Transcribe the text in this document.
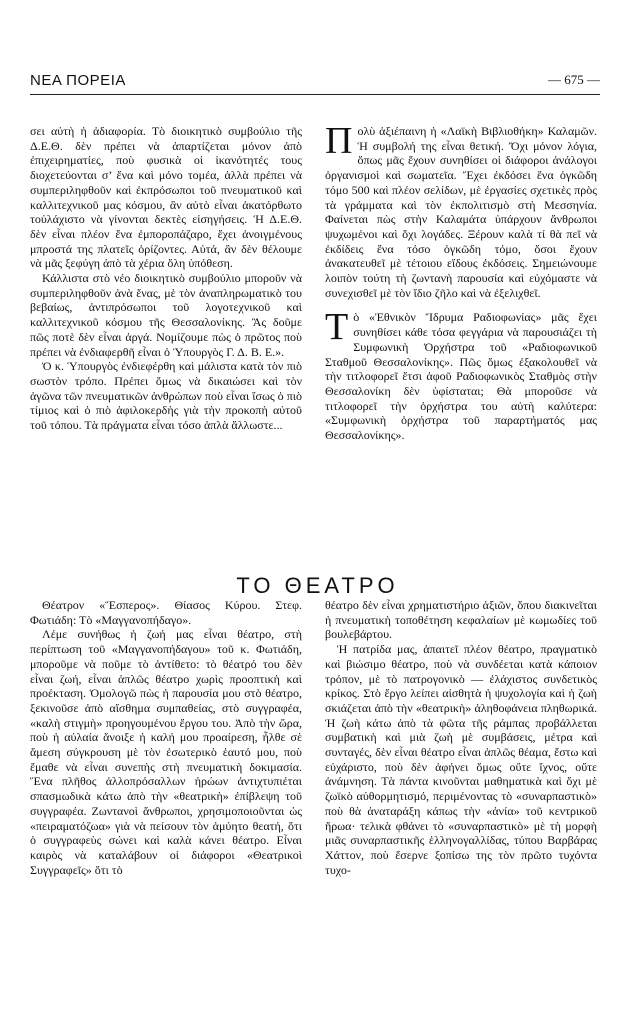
ΝΕΑ ΠΟΡΕΙΑ	— 675 —

σει αὐτὴ ἡ ἀδιαφορία. Τὸ διοικητικὸ συμβούλιο τῆς Δ.Ε.Θ. δὲν πρέπει νὰ ἀπαρτίζεται μόνον ἀπὸ ἐπιχειρηματίες, ποὺ φυσικὰ οἱ ἱκανότητές τους διοχετεύονται σ’ ἕνα καὶ μόνο τομέα, ἀλλὰ πρέπει νὰ συμπεριληφθοῦν καὶ ἐκπρόσωποι τοῦ πνευματικοῦ καὶ καλλιτεχνικοῦ μας κόσμου, ἂν αὐτὸ εἶναι ἀκατόρθωτο τοὐλάχιστο νὰ γίνονται δεκτὲς εἰσηγήσεις. Ἡ Δ.Ε.Θ. δὲν εἶναι πλέον ἕνα ἐμποροπάζαρο, ἔχει ἀνοιγμένους μπροστά της πλατεῖς ὁρίζοντες. Αὐτά, ἂν δὲν θέλουμε νὰ μᾶς ξεφύγη ἀπὸ τὰ χέρια ὅλη ὑπόθεση.

Κάλλιστα στὸ νέο διοικητικὸ συμβούλιο μποροῦν νὰ συμπεριληφθοῦν ἀνὰ ἕνας, μὲ τὸν ἀναπληρωματικὸ του βεβαίως, ἀντιπρόσωποι τοῦ λογοτεχνικοῦ καὶ καλλιτεχνικοῦ κόσμου τῆς Θεσσαλονίκης. Ἂς δοῦμε πῶς ποτὲ δὲν εἶναι ἀργά. Νομίζουμε πὼς ὁ πρῶτος ποὺ πρέπει νὰ ἐνδιαφερθῆ εἶναι ὁ Ὑπουργὸς Γ. Δ. Β. Ε.».

Ὁ κ. Ὑπουργὸς ἐνδιεφέρθη καὶ μάλιστα κατὰ τὸν πιὸ σωστὸν τρόπο. Πρέπει ὅμως νὰ δικαιώσει καὶ τὸν ἀγῶνα τῶν πνευματικῶν ἀνθρώπων ποὺ εἶναι ἴσως ὁ πιὸ τίμιος καὶ ὁ πιὸ ἀφιλοκερδὴς γιὰ τὴν προκοπὴ αὐτοῦ τοῦ τόπου. Τὰ πράγματα εἶναι τόσο ἁπλὰ ἄλλωστε...

Πολὺ ἀξιέπαινη ἡ «Λαϊκὴ Βιβλιοθήκη» Καλαμῶν. Ἡ συμβολή της εἶναι θετική. Ὄχι μόνον λόγια, ὅπως μᾶς ἔχουν συνηθίσει οἱ διάφοροι ἀνάλογοι ὀργανισμοὶ καὶ σωματεῖα. Ἔχει ἐκδόσει ἕνα ὀγκῶδη τόμο 500 καὶ πλέον σελίδων, μὲ ἐργασίες σχετικὲς πρὸς τὰ γράμματα καὶ τὸν ἐκπολιτισμὸ στὴ Μεσσηνία. Φαίνεται πὼς στὴν Καλαμάτα ὑπάρχουν ἄνθρωποι ψυχωμένοι καὶ ὄχι λογάδες. Ξέρουν καλὰ τί θὰ πεῖ νὰ ἐκδίδεις ἕνα τόσο ὀγκῶδη τόμο, ὅσοι ἔχουν ἀνακατευθεῖ μὲ τέτοιου εἴδους ἐκδόσεις. Σημειώνουμε λοιπὸν τούτη τὴ ζωντανὴ παρουσία καὶ εὐχόμαστε νὰ συνεχισθεῖ μὲ τὸν ἴδιο ζῆλο καὶ νὰ ἐξελιχθεῖ.

Τὸ «Ἐθνικὸν Ἴδρυμα Ραδιοφωνίας» μᾶς ἔχει συνηθίσει κάθε τόσα φεγγάρια νὰ παρουσιάζει τὴ Συμφωνικὴ Ὀρχήστρα τοῦ «Ραδιοφωνικοῦ Σταθμοῦ Θεσσαλονίκης». Πῶς ὅμως ἐξακολουθεῖ νὰ τὴν τιτλοφορεῖ ἔτσι ἀφοῦ Ραδιοφωνικὸς Σταθμὸς στὴν Θεσσαλονίκη δὲν ὑφίσταται; Θὰ μποροῦσε νὰ τιτλοφορεῖ τὴν ὀρχήστρα του αὐτὴ καλύτερα: «Συμφωνικὴ ὀρχήστρα τοῦ παραρτήματός μας Θεσσαλονίκης».

ΤΟ ΘΕΑΤΡΟ

Θέατρον «Ἕσπερος». Θίασος Κύρου. Στεφ. Φωτιάδη: Τὸ «Μαγγανοπήδαγο».

Λέμε συνήθως ἡ ζωή μας εἶναι θέατρο, στὴ περίπτωση τοῦ «Μαγγανοπήδαγου» τοῦ κ. Φωτιάδη, μποροῦμε νὰ ποῦμε τὸ ἀντίθετο: τὸ θέατρό του δὲν εἶναι ζωή, εἶναι ἁπλῶς θέατρο χωρὶς προοπτικὴ καὶ προέκταση. Ὁμολογῶ πὼς ἡ παρουσία μου στὸ θέατρο, ξεκινοῦσε ἀπὸ αἴσθημα συμπαθείας, στὸ συγγραφέα, «καλὴ στιγμὴ» προηγουμένου ἔργου του. Ἀπὸ τὴν ὥρα, ποὺ ἡ αὐλαία ἄνοιξε ἡ καλή μου προαίρεση, ἦλθε σὲ ἄμεση σύγκρουση μὲ τὸν ἐσωτερικὸ ἑαυτό μου, ποὺ ἔμαθε νὰ εἶναι συνεπὴς στὴ πνευματικὴ δοκιμασία. Ἕνα πλῆθος ἀλλοπρόσαλλων ἡρώων ἀντιχτυπιέται σπασμωδικὰ κάτω ἀπὸ τὴν «θεατρικὴ» ἐπίβλεψη τοῦ συγγραφέα. Ζωντανοὶ ἄνθρωποι, χρησιμοποιοῦνται ὡς «πειραματόζωα» γιὰ νὰ πείσουν τὸν ἀμύητο θεατή, ὅτι ὁ συγγραφεὺς σώνει καὶ καλὰ κάνει θέατρο. Εἶναι καιρὸς νὰ καταλάβουν οἱ διάφοροι «Θεατρικοὶ Συγγραφεῖς» ὅτι τὸ

θέατρο δὲν εἶναι χρηματιστήριο ἀξιῶν, ὅπου διακινεῖται ἡ πνευματικὴ τοποθέτηση κεφαλαίων μὲ κωμωδίες τοῦ βουλεβάρτου.

Ἡ πατρίδα μας, ἀπαιτεῖ πλέον θέατρο, πραγματικὸ καὶ βιώσιμο θέατρο, ποὺ νὰ συνδέεται κατὰ κάποιον τρόπον, μὲ τὸ πατρογονικὸ — ἐλάχιστος συνδετικὸς κρίκος. Στὸ ἔργο λείπει αἰσθητὰ ἡ ψυχολογία καὶ ἡ ζωὴ σκιάζεται ἀπὸ τὴν «θεατρικὴ» ἀληθοφάνεια πληθωρικά. Ἡ ζωὴ κάτω ἀπὸ τὰ φῶτα τῆς ράμπας προβάλλεται συμβατικὴ καὶ μιὰ ζωὴ μὲ συμβάσεις, μέτρα καὶ συνταγές, δὲν εἶναι θέατρο εἶναι ἁπλῶς θέαμα, ἔστω καὶ εὐχάριστο, ποὺ δὲν ἀφήνει ὅμως οὔτε ἴχνος, οὔτε ἀνάμνηση. Τὰ πάντα κινοῦνται μαθηματικὰ καὶ ὄχι μὲ ζωϊκὸ αὐθορμητισμό, περιμένοντας τὸ «συναρπαστικὸ» ποὺ θὰ ἀναταράξη κάπως τὴν «ἀνία» τοῦ κεντρικοῦ ἥρωα· τελικὰ φθάνει τὸ «συναρπαστικὸ» μὲ τὴ μορφὴ μιᾶς συναρπαστικῆς ἑλληνογαλλίδας, τύπου Βαρβάρας Χάττον, ποὺ ἔσερνε ξοπίσω της τὸν πρῶτο τυχόντα τυχο-
